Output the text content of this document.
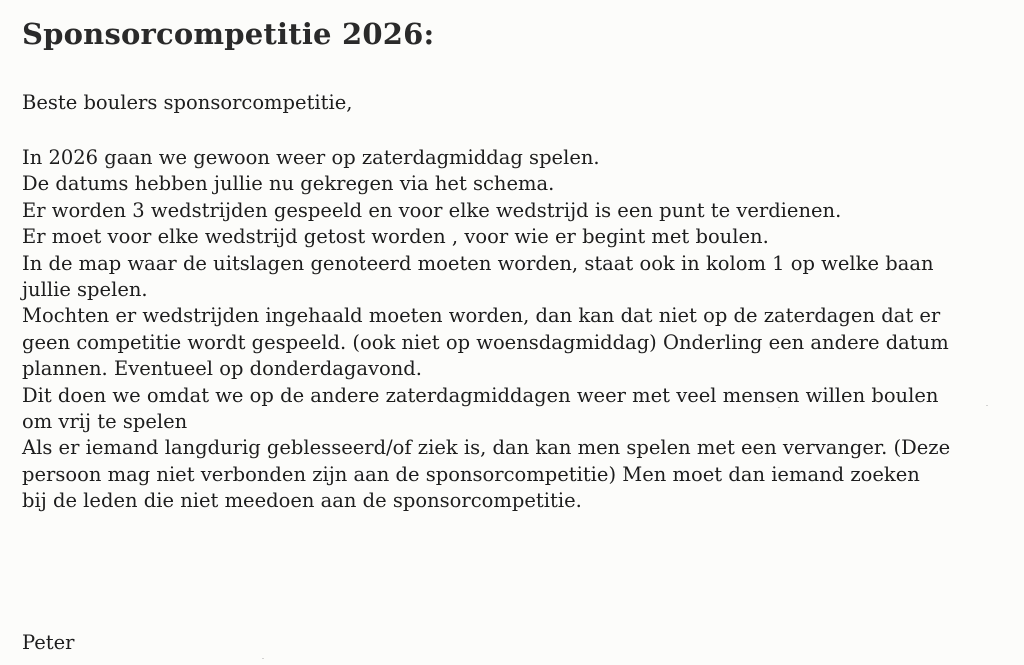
Sponsorcompetitie 2026:

Beste boulers sponsorcompetitie,

In 2026 gaan we gewoon weer op zaterdagmiddag spelen.
De datums hebben jullie nu gekregen via het schema.
Er worden 3 wedstrijden gespeeld en voor elke wedstrijd is een punt te verdienen.
Er moet voor elke wedstrijd getost worden , voor wie er begint met boulen.
In de map waar de uitslagen genoteerd moeten worden, staat ook in kolom 1 op welke baan
jullie spelen.
Mochten er wedstrijden ingehaald moeten worden, dan kan dat niet op de zaterdagen dat er
geen competitie wordt gespeeld. (ook niet op woensdagmiddag) Onderling een andere datum
plannen. Eventueel op donderdagavond.
Dit doen we omdat we op de andere zaterdagmiddagen weer met veel mensen willen boulen
om vrij te spelen
Als er iemand langdurig geblesseerd/of ziek is, dan kan men spelen met een vervanger. (Deze
persoon mag niet verbonden zijn aan de sponsorcompetitie) Men moet dan iemand zoeken
bij de leden die niet meedoen aan de sponsorcompetitie.

Peter
